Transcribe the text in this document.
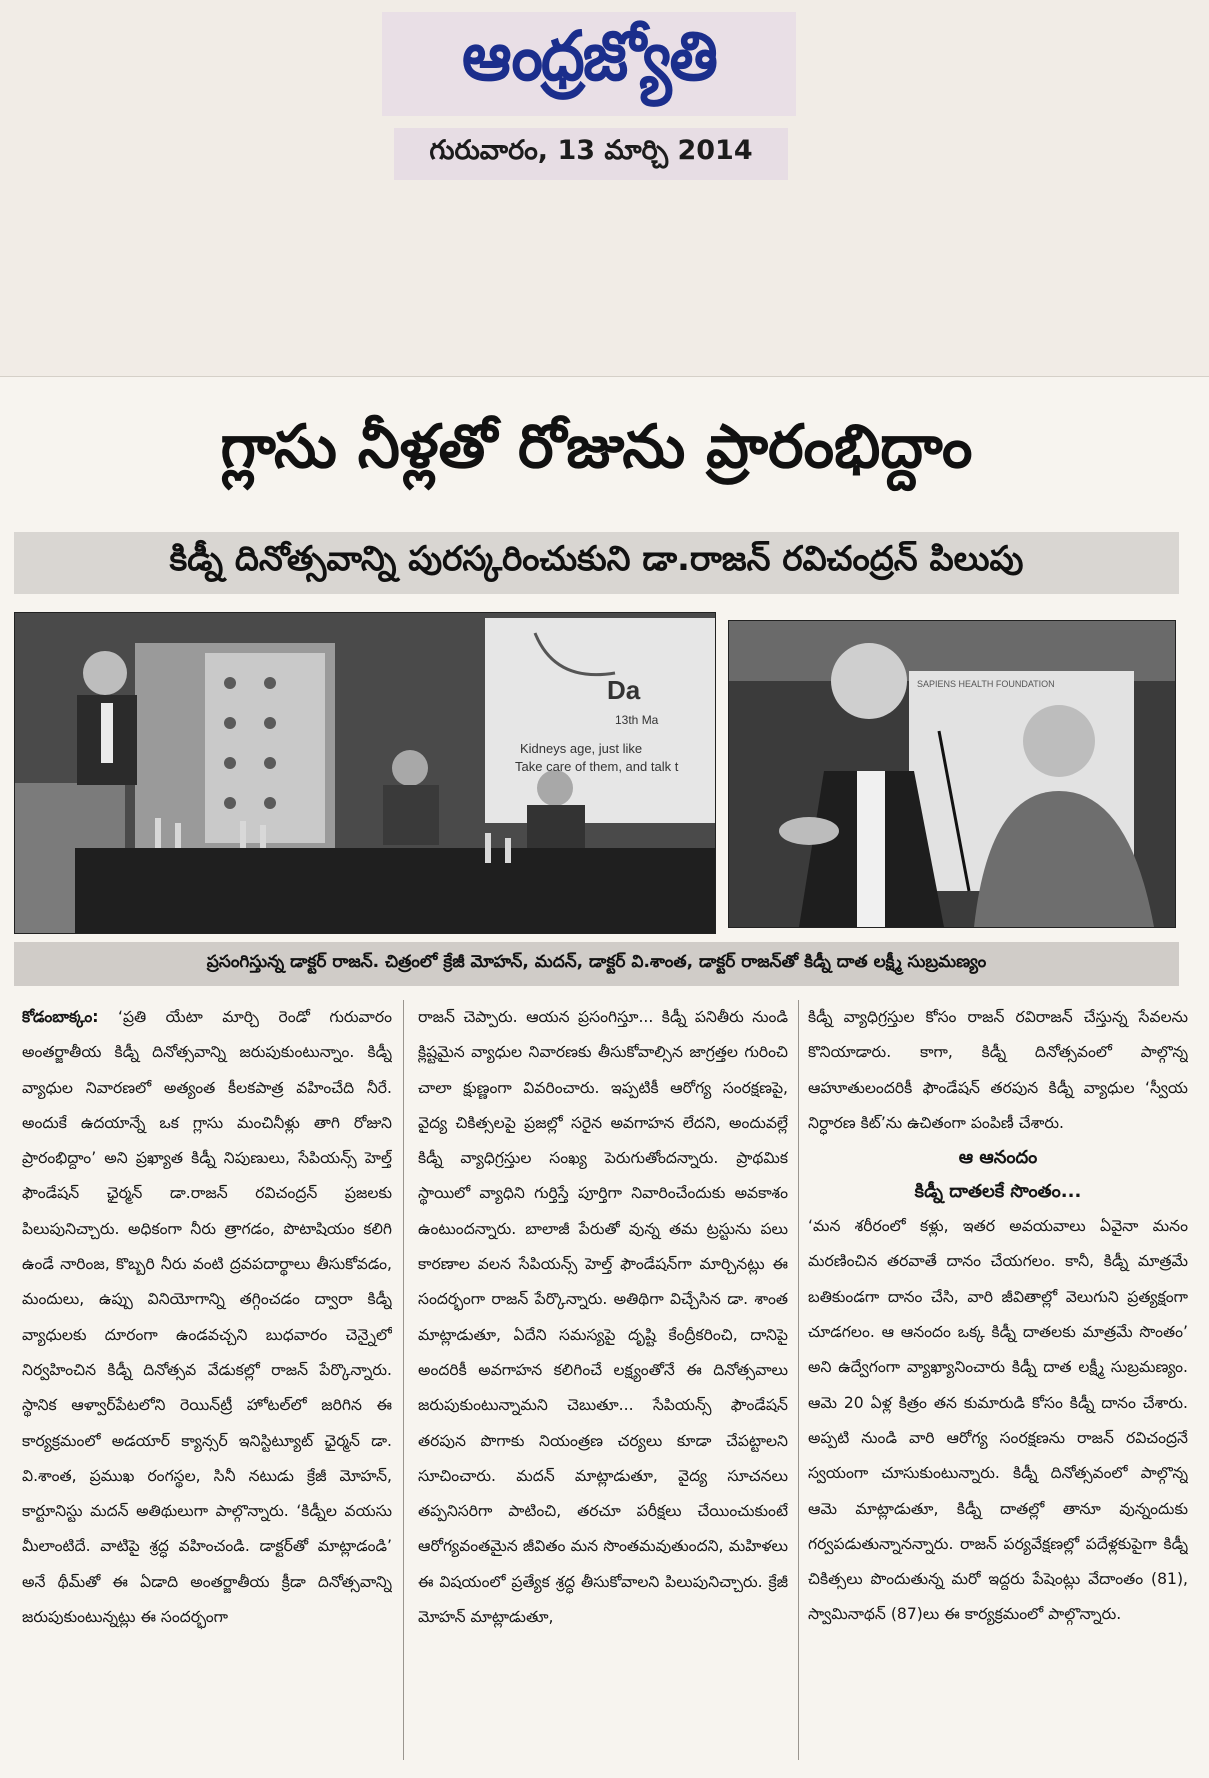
ఆంధ్రజ్యోతి
గురువారం, 13 మార్చి 2014
గ్లాసు నీళ్లతో రోజును ప్రారంభిద్దాం
కిడ్నీ దినోత్సవాన్ని పురస్కరించుకుని డా.రాజన్ రవిచంద్రన్ పిలుపు
Da
13th Ma
Kidneys age, just like
Take care of them, and talk t
SAPIENS HEALTH FOUNDATION
ప్రసంగిస్తున్న డాక్టర్ రాజన్. చిత్రంలో క్రేజీ మోహన్, మదన్, డాక్టర్ వి.శాంత, డాక్టర్ రాజన్‌తో కిడ్నీ దాత లక్ష్మీ సుబ్రమణ్యం

కోడంబాక్కం: ‘ప్రతి యేటా మార్చి రెండో గురువారం అంతర్జాతీయ కిడ్నీ దినోత్సవాన్ని జరుపుకుంటున్నాం. కిడ్నీ వ్యాధుల నివారణలో అత్యంత కీలకపాత్ర వహించేది నీరే. అందుకే ఉదయాన్నే ఒక గ్లాసు మంచినీళ్లు తాగి రోజుని ప్రారంభిద్దాం’ అని ప్రఖ్యాత కిడ్నీ నిపుణులు, సేపియన్స్ హెల్త్ ఫౌండేషన్ ఛైర్మన్ డా.రాజన్ రవిచంద్రన్ ప్రజలకు పిలుపునిచ్చారు. అధికంగా నీరు త్రాగడం, పొటాషియం కలిగి ఉండే నారింజ, కొబ్బరి నీరు వంటి ద్రవపదార్థాలు తీసుకోవడం, మందులు, ఉప్పు వినియోగాన్ని తగ్గించడం ద్వారా కిడ్నీ వ్యాధులకు దూరంగా ఉండవచ్చని బుధవారం చెన్నైలో నిర్వహించిన కిడ్నీ దినోత్సవ వేడుకల్లో రాజన్ పేర్కొన్నారు. స్థానిక ఆళ్వార్‌పేటలోని రెయిన్‌ట్రీ హోటల్‌లో జరిగిన ఈ కార్యక్రమంలో అడయార్ క్యాన్సర్ ఇనిస్టిట్యూట్ ఛైర్మన్ డా. వి.శాంత, ప్రముఖ రంగస్థల, సినీ నటుడు క్రేజీ మోహన్, కార్టూనిస్టు మదన్ అతిథులుగా పాల్గొన్నారు. ‘కిడ్నీల వయసు మీలాంటిదే. వాటిపై శ్రద్ధ వహించండి. డాక్టర్‌తో మాట్లాడండి’ అనే థీమ్‌తో ఈ ఏడాది అంతర్జాతీయ క్రీడా దినోత్సవాన్ని జరుపుకుంటున్నట్లు ఈ సందర్భంగా

రాజన్ చెప్పారు. ఆయన ప్రసంగిస్తూ... కిడ్నీ పనితీరు నుండి క్లిష్టమైన వ్యాధుల నివారణకు తీసుకోవాల్సిన జాగ్రత్తల గురించి చాలా క్షుణ్ణంగా వివరించారు. ఇప్పటికీ ఆరోగ్య సంరక్షణపై, వైద్య చికిత్సలపై ప్రజల్లో సరైన అవగాహన లేదని, అందువల్లే కిడ్నీ వ్యాధిగ్రస్తుల సంఖ్య పెరుగుతోందన్నారు. ప్రాథమిక స్థాయిలో వ్యాధిని గుర్తిస్తే పూర్తిగా నివారించేందుకు అవకాశం ఉంటుందన్నారు. బాలాజీ పేరుతో వున్న తమ ట్రస్టును పలు కారణాల వలన సేపియన్స్ హెల్త్ ఫౌండేషన్‌గా మార్చినట్లు ఈ సందర్భంగా రాజన్ పేర్కొన్నారు. అతిథిగా విచ్చేసిన డా. శాంత మాట్లాడుతూ, ఏదేని సమస్యపై దృష్టి కేంద్రీకరించి, దానిపై అందరికీ అవగాహన కలిగించే లక్ష్యంతోనే ఈ దినోత్సవాలు జరుపుకుంటున్నామని చెబుతూ... సేపియన్స్ ఫౌండేషన్ తరపున పొగాకు నియంత్రణ చర్యలు కూడా చేపట్టాలని సూచించారు. మదన్ మాట్లాడుతూ, వైద్య సూచనలు తప్పనిసరిగా పాటించి, తరచూ పరీక్షలు చేయించుకుంటే ఆరోగ్యవంతమైన జీవితం మన సొంతమవుతుందని, మహిళలు ఈ విషయంలో ప్రత్యేక శ్రద్ధ తీసుకోవాలని పిలుపునిచ్చారు. క్రేజీ మోహన్ మాట్లాడుతూ,

కిడ్నీ వ్యాధిగ్రస్తుల కోసం రాజన్ రవిరాజన్ చేస్తున్న సేవలను కొనియాడారు. కాగా, కిడ్నీ దినోత్సవంలో పాల్గొన్న ఆహూతులందరికీ ఫౌండేషన్ తరపున కిడ్నీ వ్యాధుల ‘స్వీయ నిర్ధారణ కిట్’ను ఉచితంగా పంపిణీ చేశారు.

ఆ ఆనందం

కిడ్నీ దాతలకే సొంతం...

‘మన శరీరంలో కళ్లు, ఇతర అవయవాలు ఏవైనా మనం మరణించిన తరవాతే దానం చేయగలం. కానీ, కిడ్నీ మాత్రమే బతికుండగా దానం చేసి, వారి జీవితాల్లో వెలుగుని ప్రత్యక్షంగా చూడగలం. ఆ ఆనందం ఒక్క కిడ్నీ దాతలకు మాత్రమే సొంతం’ అని ఉద్వేగంగా వ్యాఖ్యానించారు కిడ్నీ దాత లక్ష్మీ సుబ్రమణ్యం. ఆమె 20 ఏళ్ల కిత్రం తన కుమారుడి కోసం కిడ్నీ దానం చేశారు. అప్పటి నుండి వారి ఆరోగ్య సంరక్షణను రాజన్ రవిచంద్రనే స్వయంగా చూసుకుంటున్నారు. కిడ్నీ దినోత్సవంలో పాల్గొన్న ఆమె మాట్లాడుతూ, కిడ్నీ దాతల్లో తానూ వున్నందుకు గర్వపడుతున్నానన్నారు. రాజన్ పర్యవేక్షణల్లో పదేళ్లకుపైగా కిడ్నీ చికిత్సలు పొందుతున్న మరో ఇద్దరు పేషెంట్లు వేదాంతం (81), స్వామినాథన్ (87)లు ఈ కార్యక్రమంలో పాల్గొన్నారు.
